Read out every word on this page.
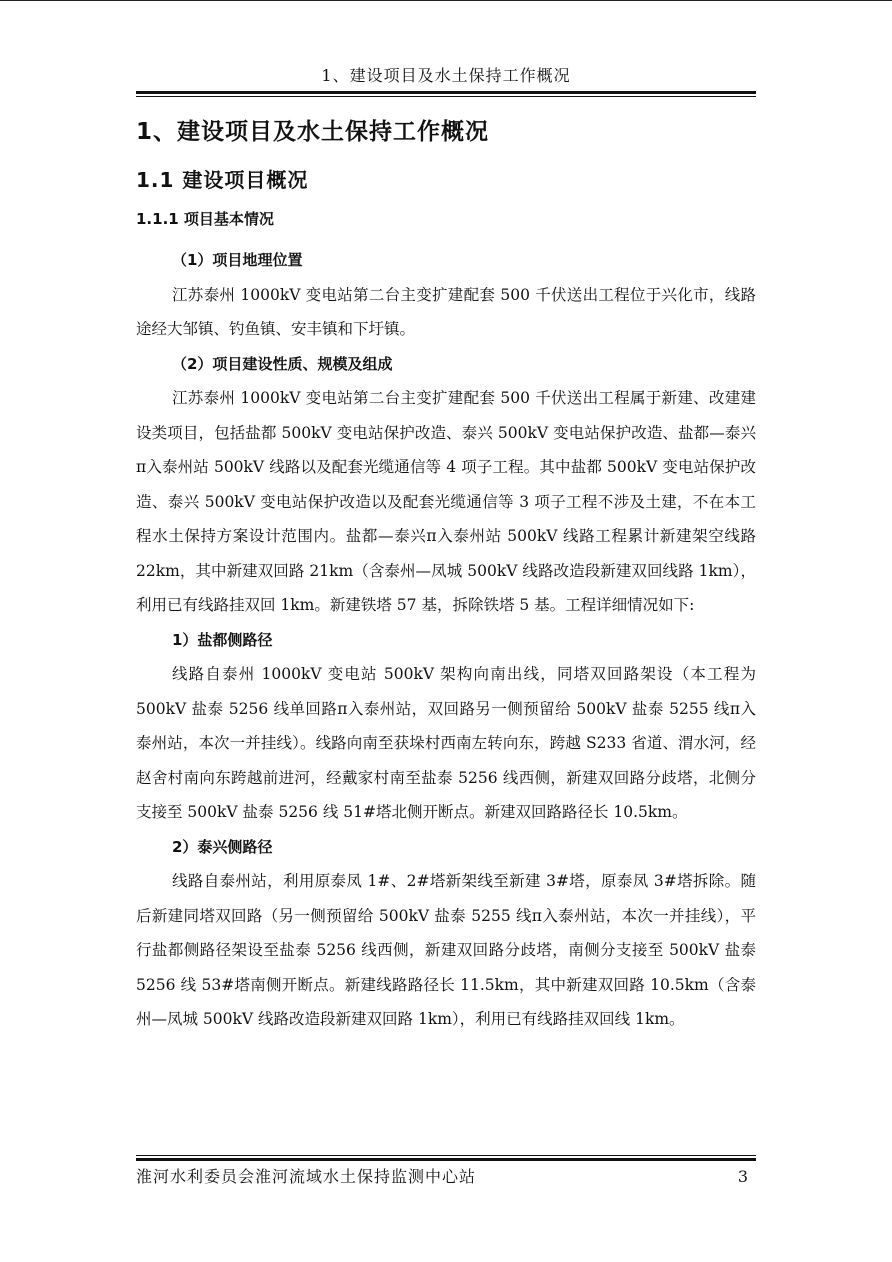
1、建设项目及水土保持工作概况
1、建设项目及水土保持工作概况
1.1 建设项目概况
1.1.1 项目基本情况

（1）项目地理位置

江苏泰州 1000kV 变电站第二台主变扩建配套 500 千伏送出工程位于兴化市，线路途经大邹镇、钓鱼镇、安丰镇和下圩镇。

（2）项目建设性质、规模及组成

江苏泰州 1000kV 变电站第二台主变扩建配套 500 千伏送出工程属于新建、改建建设类项目，包括盐都 500kV 变电站保护改造、泰兴 500kV 变电站保护改造、盐都—泰兴π入泰州站 500kV 线路以及配套光缆通信等 4 项子工程。其中盐都 500kV 变电站保护改造、泰兴 500kV 变电站保护改造以及配套光缆通信等 3 项子工程不涉及土建，不在本工程水土保持方案设计范围内。盐都—泰兴π入泰州站 500kV 线路工程累计新建架空线路 22km，其中新建双回路 21km（含泰州—凤城 500kV 线路改造段新建双回线路 1km），利用已有线路挂双回 1km。新建铁塔 57 基，拆除铁塔 5 基。工程详细情况如下:

1）盐都侧路径

线路自泰州 1000kV 变电站 500kV 架构向南出线，同塔双回路架设（本工程为 500kV 盐泰 5256 线单回路π入泰州站，双回路另一侧预留给 500kV 盐泰 5255 线π入泰州站，本次一并挂线）。线路向南至获垛村西南左转向东，跨越 S233 省道、渭水河，经赵舍村南向东跨越前进河，经戴家村南至盐泰 5256 线西侧，新建双回路分歧塔，北侧分支接至 500kV 盐泰 5256 线 51#塔北侧开断点。新建双回路路径长 10.5km。

2）泰兴侧路径

线路自泰州站，利用原泰凤 1#、2#塔新架线至新建 3#塔，原泰凤 3#塔拆除。随后新建同塔双回路（另一侧预留给 500kV 盐泰 5255 线π入泰州站，本次一并挂线），平行盐都侧路径架设至盐泰 5256 线西侧，新建双回路分歧塔，南侧分支接至 500kV 盐泰 5256 线 53#塔南侧开断点。新建线路路径长 11.5km，其中新建双回路 10.5km（含泰州—凤城 500kV 线路改造段新建双回路 1km），利用已有线路挂双回线 1km。

淮河水利委员会淮河流域水土保持监测中心站	3
